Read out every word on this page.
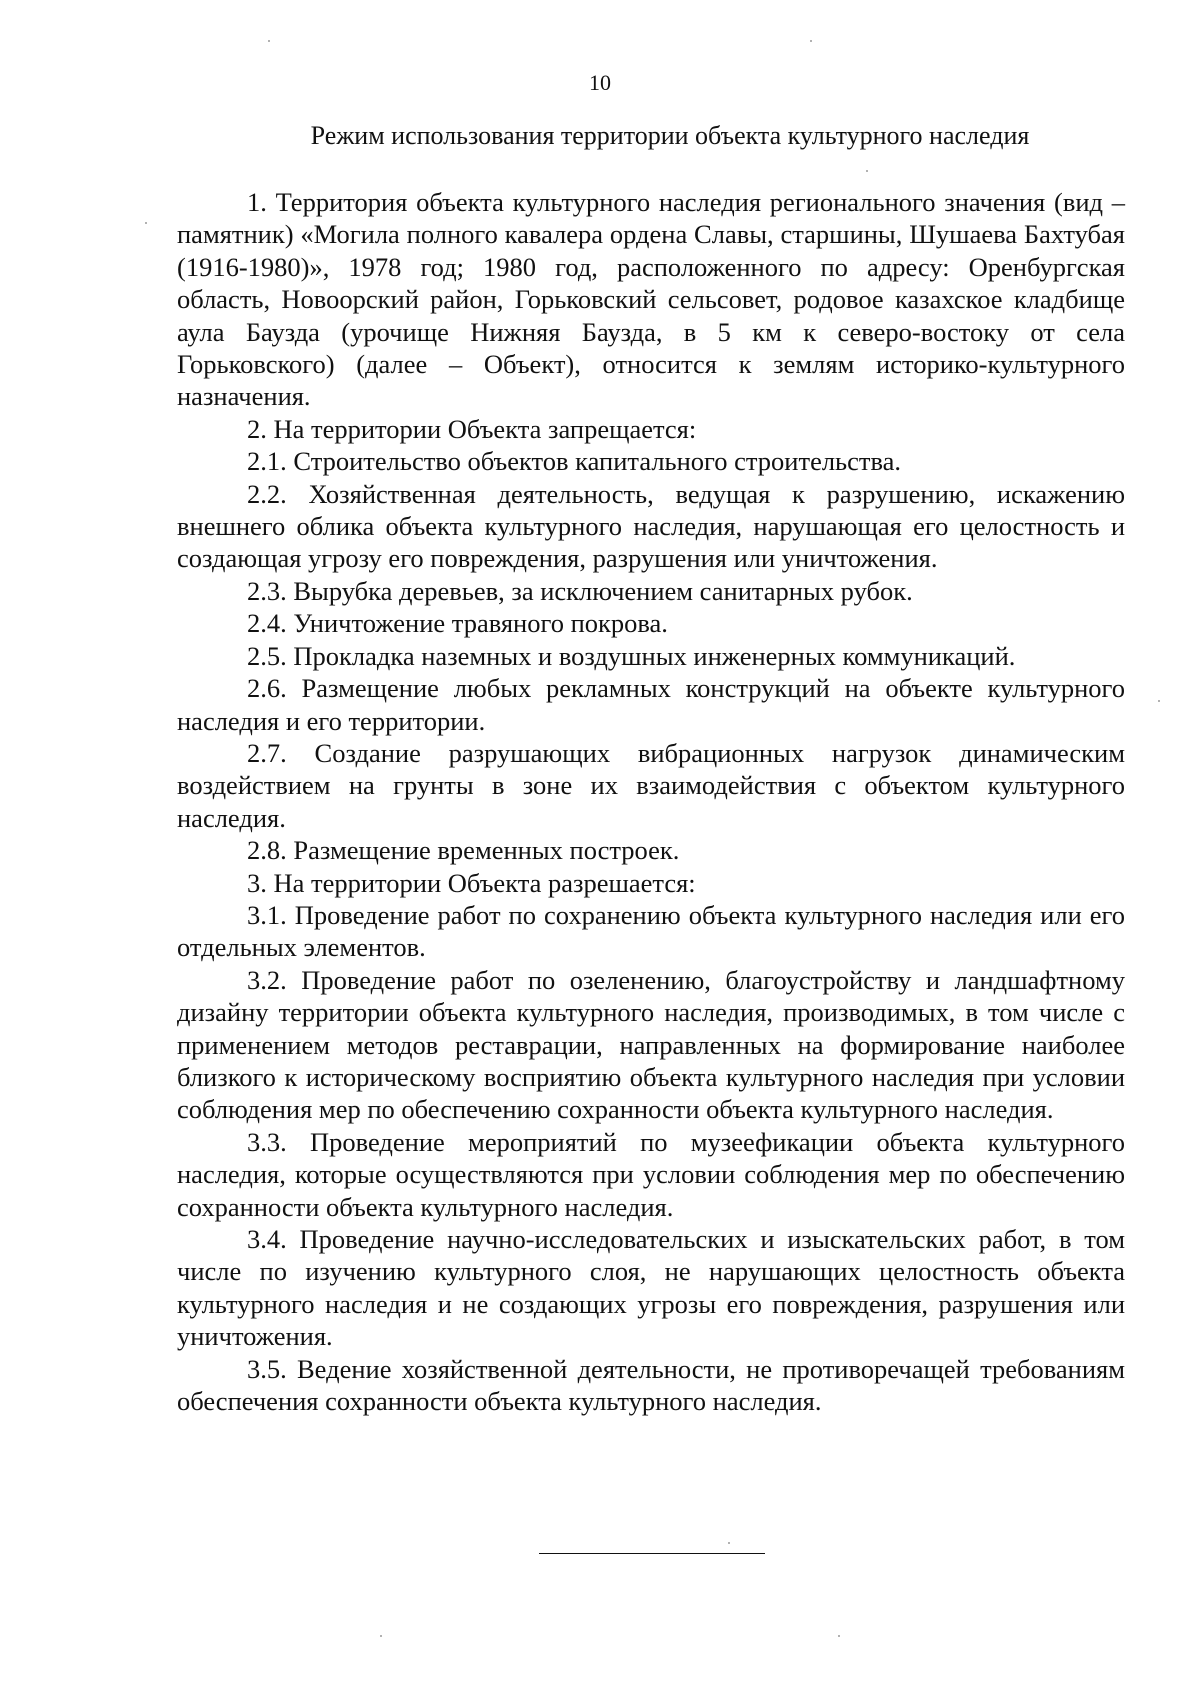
10
Режим использования территории объекта культурного наследия

1. Территория объекта культурного наследия регионального значения (вид – памятник) «Могила полного кавалера ордена Славы, старшины, Шушаева Бахтубая (1916-1980)», 1978 год; 1980 год, расположенного по адресу: Оренбургская область, Новоорский район, Горьковский сельсовет, родовое казахское кладбище аула Баузда (урочище Нижняя Баузда, в 5 км к северо-востоку от села Горьковского) (далее – Объект), относится к землям историко-культурного назначения.

2. На территории Объекта запрещается:

2.1. Строительство объектов капитального строительства.

2.2. Хозяйственная деятельность, ведущая к разрушению, искажению внешнего облика объекта культурного наследия, нарушающая его целостность и создающая угрозу его повреждения, разрушения или уничтожения.

2.3. Вырубка деревьев, за исключением санитарных рубок.

2.4. Уничтожение травяного покрова.

2.5. Прокладка наземных и воздушных инженерных коммуникаций.

2.6. Размещение любых рекламных конструкций на объекте культурного наследия и его территории.

2.7. Создание разрушающих вибрационных нагрузок динамическим воздействием на грунты в зоне их взаимодействия с объектом культурного наследия.

2.8. Размещение временных построек.

3. На территории Объекта разрешается:

3.1. Проведение работ по сохранению объекта культурного наследия или его отдельных элементов.

3.2. Проведение работ по озеленению, благоустройству и ландшафтному дизайну территории объекта культурного наследия, производимых, в том числе с применением методов реставрации, направленных на формирование наиболее близкого к историческому восприятию объекта культурного наследия при условии соблюдения мер по обеспечению сохранности объекта культурного наследия.

3.3. Проведение мероприятий по музеефикации объекта культурного наследия, которые осуществляются при условии соблюдения мер по обеспечению сохранности объекта культурного наследия.

3.4. Проведение научно-исследовательских и изыскательских работ, в том числе по изучению культурного слоя, не нарушающих целостность объекта культурного наследия и не создающих угрозы его повреждения, разрушения или уничтожения.

3.5. Ведение хозяйственной деятельности, не противоречащей требованиям обеспечения сохранности объекта культурного наследия.
